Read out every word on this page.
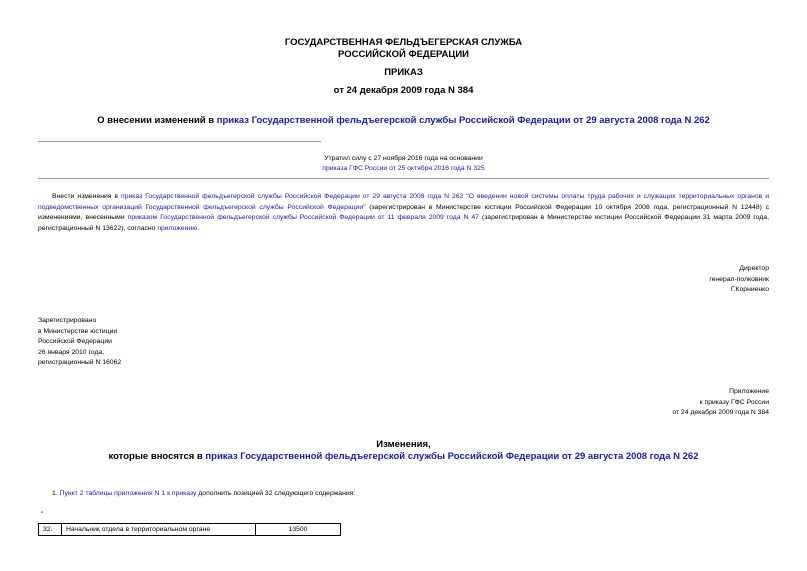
ГОСУДАРСТВЕННАЯ ФЕЛЬДЪЕГЕРСКАЯ СЛУЖБА
РОССИЙСКОЙ ФЕДЕРАЦИИ
ПРИКАЗ
от 24 декабря 2009 года N 384
О внесении изменений в приказ Государственной фельдъегерской службы Российской Федерации от 29 августа 2008 года N 262
Утратил силу с 27 ноября 2016 года на основании
приказа ГФС России от 25 октября 2016 года N 325
Внести изменения в приказ Государственной фельдъегерской службы Российской Федерации от 29 августа 2008 года N 262 "О введении новой системы оплаты труда рабочих и служащих территориальных органов и подведомственных организаций Государственной фельдъегерской службы Российской Федерации" (зарегистрирован в Министерстве юстиции Российской Федерации 10 октября 2008 года, регистрационный N 12448) с изменениями, внесенными приказом Государственной фельдъегерской службы Российской Федерации от 11 февраля 2009 года N 47 (зарегистрирован в Министерстве юстиции Российской Федерации 31 марта 2009 года, регистрационный N 13622), согласно приложению.
Директор
генерал-полковник
Г.Корниенко
Зарегистрировано
в Министерстве юстиции
Российской Федерации
26 января 2010 года,
регистрационный N 16062
Приложение
к приказу ГФС России
от 24 декабря 2009 года N 384
Изменения,
которые вносятся в приказ Государственной фельдъегерской службы Российской Федерации от 29 августа 2008 года N 262
1. Пункт 2 таблицы приложения N 1 к приказу дополнить позицией 32 следующего содержания:
"
32.	Начальник отдела в территориальном органе	13500
